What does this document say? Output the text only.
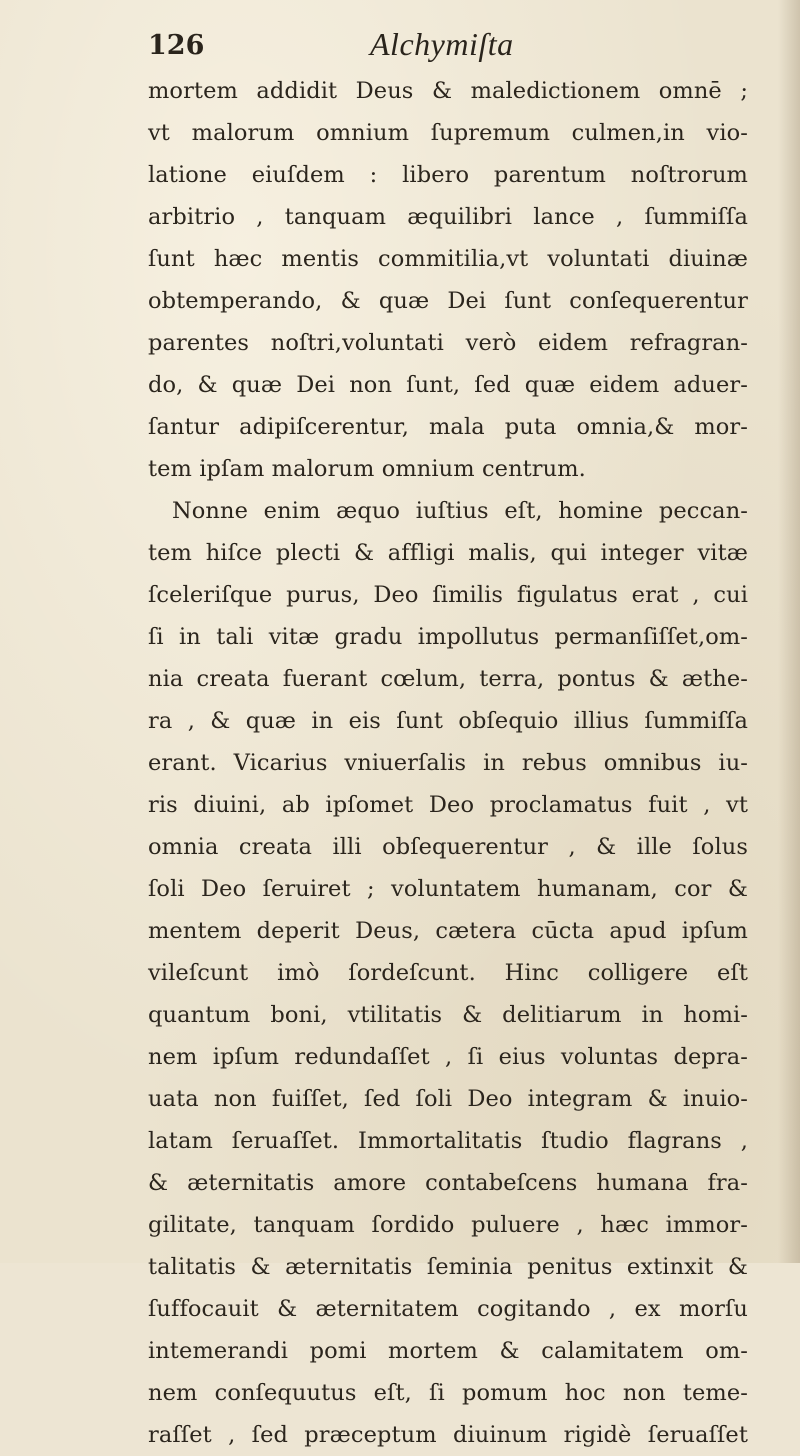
126	Alchymiſta
mortem addidit Deus & maledictionem omnē ;
vt malorum omnium ſupremum culmen,in vio-
latione eiuſdem : libero parentum noſtrorum
arbitrio , tanquam æquilibri lance , ſummiſſa
ſunt hæc mentis commitilia,vt voluntati diuinæ
obtemperando, & quæ Dei ſunt conſequerentur
parentes noſtri,voluntati verò eidem refragran-
do, & quæ Dei non ſunt, ſed quæ eidem aduer-
ſantur adipiſcerentur, mala puta omnia,& mor-
tem ipſam malorum omnium centrum.
Nonne enim æquo iuſtius eſt, homine peccan-
tem hiſce plecti & affligi malis, qui integer vitæ
ſceleriſque purus, Deo ſimilis figulatus erat , cui
ſi in tali vitæ gradu impollutus permanſiſſet,om-
nia creata fuerant cœlum, terra, pontus & æthe-
ra , & quæ in eis ſunt obſequio illius ſummiſſa
erant. Vicarius vniuerſalis in rebus omnibus iu-
ris diuini, ab ipſomet Deo proclamatus fuit , vt
omnia creata illi obſequerentur , & ille ſolus
ſoli Deo ſeruiret ; voluntatem humanam, cor &
mentem deperit Deus, cætera cūcta apud ipſum
vileſcunt imò ſordeſcunt. Hinc colligere eſt
quantum boni, vtilitatis & delitiarum in homi-
nem ipſum redundaſſet , ſi eius voluntas depra-
uata non fuiſſet, ſed ſoli Deo integram & inuio-
latam ſeruaſſet. Immortalitatis ſtudio flagrans ,
& æternitatis amore contabeſcens humana fra-
gilitate, tanquam ſordido puluere , hæc immor-
talitatis & æternitatis ſeminia penitus extinxit &
ſuffocauit & æternitatem cogitando , ex morſu
intemerandi pomi mortem & calamitatem om-
nem conſequutus eſt, ſi pomum hoc non teme-
raſſet , ſed præceptum diuinum rigidè ſeruaſſet
